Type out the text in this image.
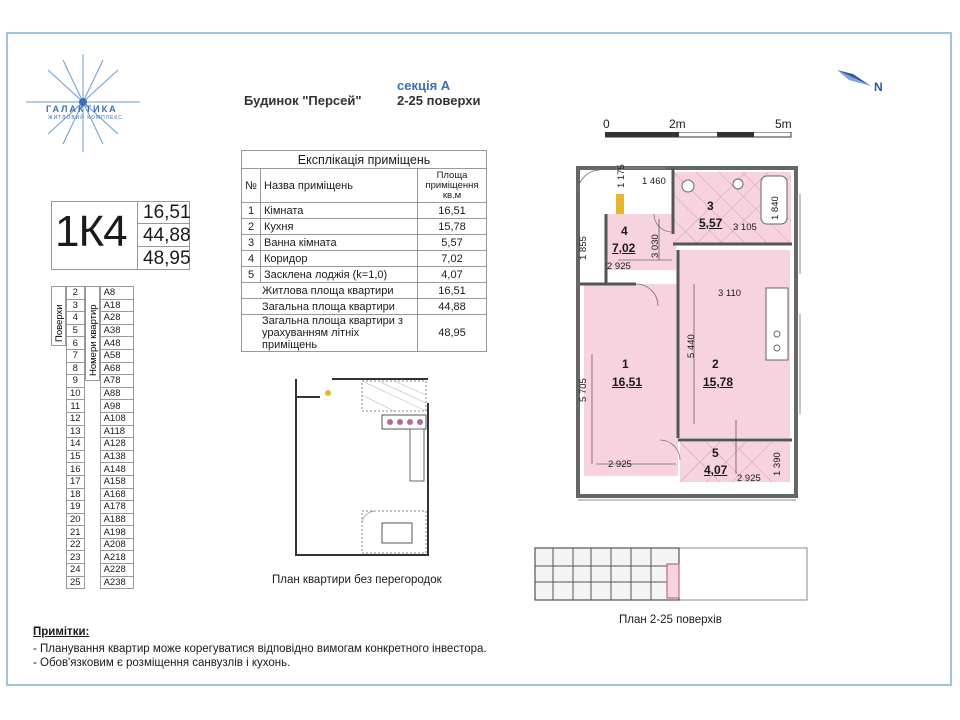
ГАЛАКТИКА
ЖИТЛОВИЙ КОМПЛЕКС
Будинок "Персей"
секція А
2-25 поверхи
0	2m	5m
N
1К4 16,51
44,88
48,95
Експлікація приміщень		
№	Назва приміщень	Площа приміщення кв.м
1	Кімната	16,51
2	Кухня	15,78
3	Ванна кімната	5,57
4	Коридор	7,02
5	Засклена лоджія (k=1,0)	4,07
Житлова площа квартири		16,51
Загальна площа квартири		44,88
Загальна площа квартири з урахуванням літніх приміщень		48,95
Поверхи Номери квартир
2		А8
3		А18
4		А28
5		А38
6		А48
7		А58
8		А68
9		А78
10		А88
11		А98
12		А108
13		А118
14		А128
15		А138
16		А148
17		А158
18		А168
19		А178
20		А188
21		А198
22		А208
23		А218
24		А228
25		А238	План квартири без перегородок
4
7,02
3
5,57
1
16,51
2
15,78
5
4,07
1 460
1 175
1 840
3 105
1 855	3 030
2 925
3 110
5 440
5 705
2 925	1 390
2 925
План 2-25 поверхів
Примітки:
- Планування квартир може корегуватися відповідно вимогам конкретного інвестора.
- Обов'язковим є розміщення санвузлів і кухонь.
